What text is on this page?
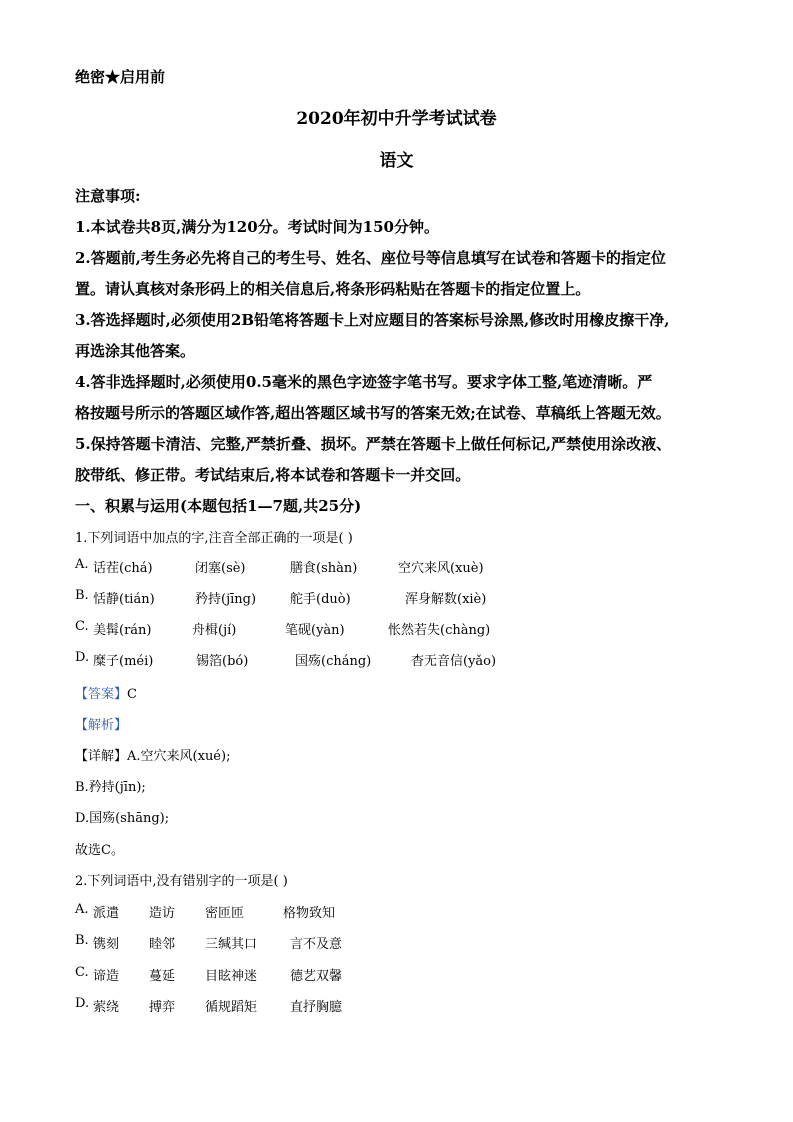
绝密★启用前
2020年初中升学考试试卷
语文
注意事项:
1.本试卷共8页,满分为120分。考试时间为150分钟。
2.答题前,考生务必先将自己的考生号、姓名、座位号等信息填写在试卷和答题卡的指定位
置。请认真核对条形码上的相关信息后,将条形码粘贴在答题卡的指定位置上。
3.答选择题时,必须使用2B铅笔将答题卡上对应题目的答案标号涂黑,修改时用橡皮擦干净,
再选涂其他答案。
4.答非选择题时,必须使用0.5毫米的黑色字迹签字笔书写。要求字体工整,笔迹清晰。严
格按题号所示的答题区域作答,超出答题区域书写的答案无效;在试卷、草稿纸上答题无效。
5.保持答题卡清洁、完整,严禁折叠、损坏。严禁在答题卡上做任何标记,严禁使用涂改液、
胶带纸、修正带。考试结束后,将本试卷和答题卡一并交回。
一、积累与运用(本题包括1—7题,共25分)
1.下列词语中加点的字,注音全部正确的一项是( )
A. 话茬(chá)	闭塞(sè)	膳食(shàn)	空穴来风(xuè)
B. 恬静(tián)	矜持(jīng)	舵手(duò)	浑身解数(xiè)
C. 美髯(rán)	舟楫(jí)	笔砚(yàn)	怅然若失(chàng)
D. 糜子(méi)	锡箔(bó)	国殇(cháng)	杳无音信(yǎo)
【答案】C
【解析】
【详解】A.空穴来风(xué);
B.矜持(jīn);
D.国殇(shāng);
故选C。
2.下列词语中,没有错别字的一项是( )
A. 派遣 造访 密匝匝	格物致知
B. 镌刻 睦邻 三缄其口	言不及意
C. 谛造 蔓延 目眩神迷	德艺双馨
D. 萦绕 搏弈 循规蹈矩	直抒胸臆
